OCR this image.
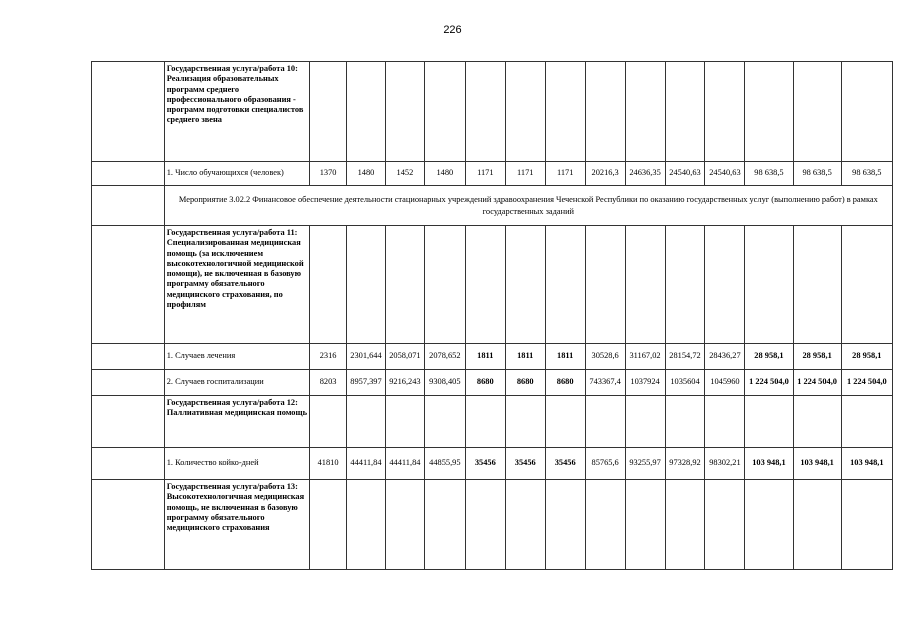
226
	Государственная услуга/работа 10: Реализация образовательных программ среднего профессионального образования - программ подготовки специалистов среднего звена														
	1. Число обучающихся (человек)	1370	1480	1452	1480	1171	1171	1171	20216,3	24636,35	24540,63	24540,63	98 638,5	98 638,5	98 638,5
	Мероприятие 3.02.2 Финансовое обеспечение деятельности стационарных учреждений здравоохранения Чеченской Республики по оказанию государственных услуг (выполнению работ) в рамках государственных заданий														
	Государственная услуга/работа 11: Специализированная медицинская помощь (за исключением высокотехнологичной медицинской помощи), не включенная в базовую программу обязательного медицинского страхования, по профилям														
	1. Случаев лечения	2316	2301,644	2058,071	2078,652	1811	1811	1811	30528,6	31167,02	28154,72	28436,27	28 958,1	28 958,1	28 958,1
	2. Случаев госпитализации	8203	8957,397	9216,243	9308,405	8680	8680	8680	743367,4	1037924	1035604	1045960	1 224 504,0	1 224 504,0	1 224 504,0
	Государственная услуга/работа 12: Паллиативная медицинская помощь														
	1. Количество койко-дней	41810	44411,84	44411,84	44855,95	35456	35456	35456	85765,6	93255,97	97328,92	98302,21	103 948,1	103 948,1	103 948,1
	Государственная услуга/работа 13: Высокотехнологичная медицинская помощь, не включенная в базовую программу обязательного медицинского страхования														
